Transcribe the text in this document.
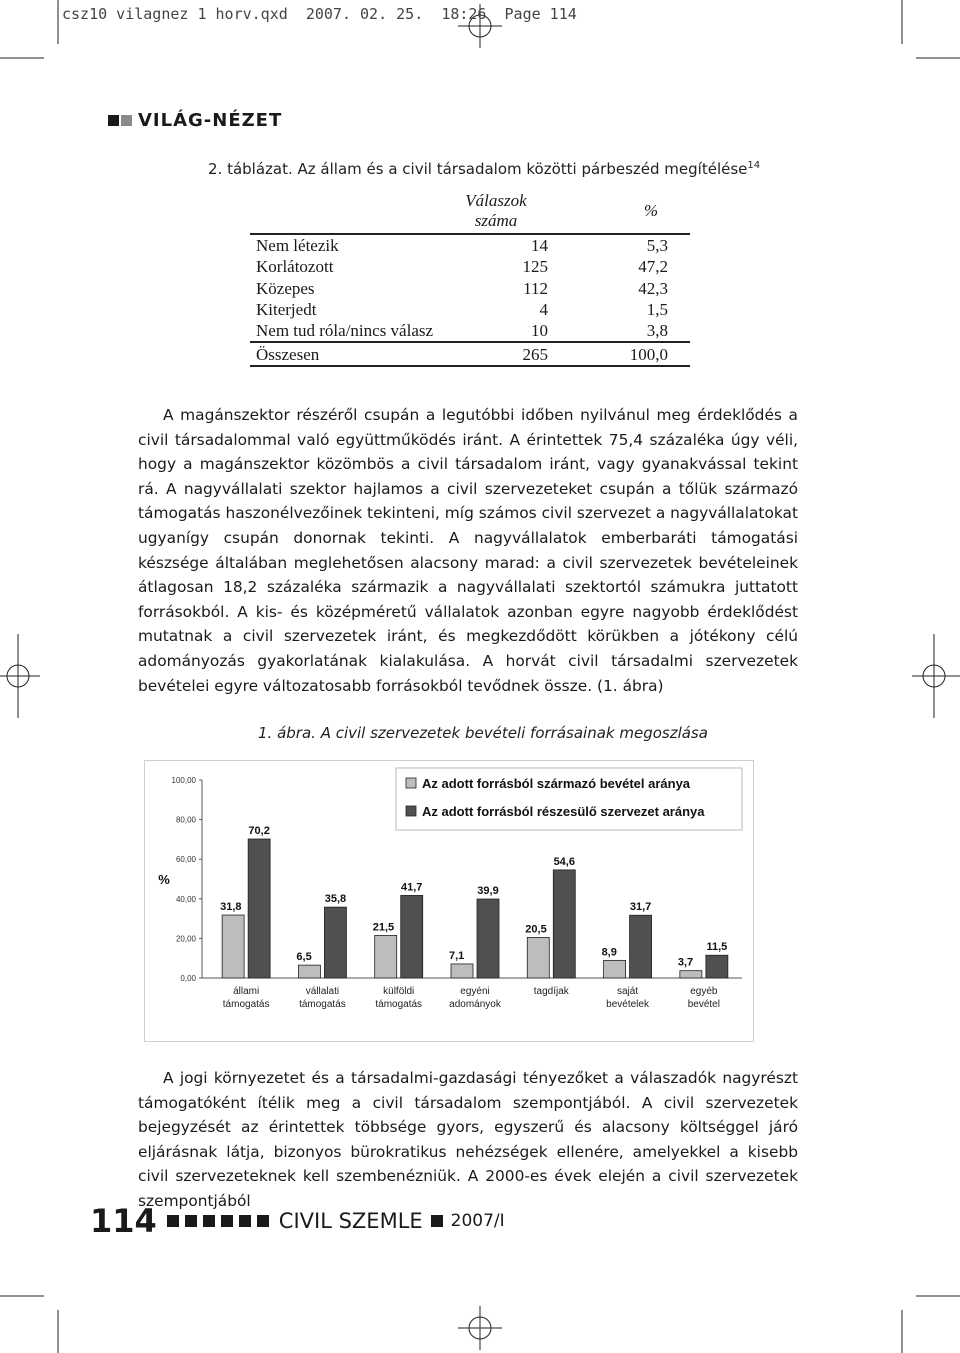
csz10 vilagnez 1 horv.qxd 2007. 02. 25. 18:26 Page 114
VILÁG-NÉZET
2. táblázat. Az állam és a civil társadalom közötti párbeszéd megítélése$^{14}$

	Válaszok
száma	%
Nem létezik	14	5,3
Korlátozott	125	47,2
Közepes	112	42,3
Kiterjedt	4	1,5
Nem tud róla/nincs válasz	10	3,8
Összesen	265	100,0
A magánszektor részéről csupán a legutóbbi időben nyilvánul meg érdeklődés a civil társadalommal való együttműködés iránt. A érintettek 75,4 százaléka úgy véli, hogy a magánszektor közömbös a civil társadalom iránt, vagy gyanakvással tekint rá. A nagyvállalati szektor hajlamos a civil szervezeteket csupán a tőlük származó támogatás haszonélvezőinek tekinteni, míg számos civil szervezet a nagyvállalatokat ugyanígy csupán donornak tekinti. A nagyvállalatok emberbaráti támogatási készsége általában meglehetősen alacsony marad: a civil szervezetek bevételeinek átlagosan 18,2 százaléka származik a nagyvállalati szektortól számukra juttatott forrásokból. A kis- és középméretű vállalatok azonban egyre nagyobb érdeklődést mutatnak a civil szervezetek iránt, és megkezdődött körükben a jótékony célú adományozás gyakorlatának kialakulása. A horvát civil társadalmi szervezetek bevételei egyre változatosabb forrásokból tevődnek össze. (1. ábra)
1. ábra. A civil szervezetek bevételi forrásainak megoszlása
0,00
20,00
40,00
60,00
80,00
100,00
%
31,8
6,5
21,5
7,1
20,5
8,9
3,7
70,2
35,8
41,7	39,9
54,6
31,7
11,5
állami
támogatás
vállalati
támogatás
külföldi
támogatás
egyéni
adományok
tagdíjak	saját
bevételek
egyéb
bevétel
Az adott forrásból származó bevétel aránya
Az adott forrásból részesülő szervezet aránya
A jogi környezetet és a társadalmi-gazdasági tényezőket a válaszadók nagyrészt támogatóként ítélik meg a civil társadalom szempontjából. A civil szervezetek bejegyzését az érintettek többsége gyors, egyszerű és alacsony költséggel járó eljárásnak látja, bizonyos bürokratikus nehézségek ellenére, amelyekkel a kisebb civil szervezeteknek kell szembenézniük. A 2000-es évek elején a civil szervezetek szempontjából
114	CIVIL SZEMLE 2007/I
